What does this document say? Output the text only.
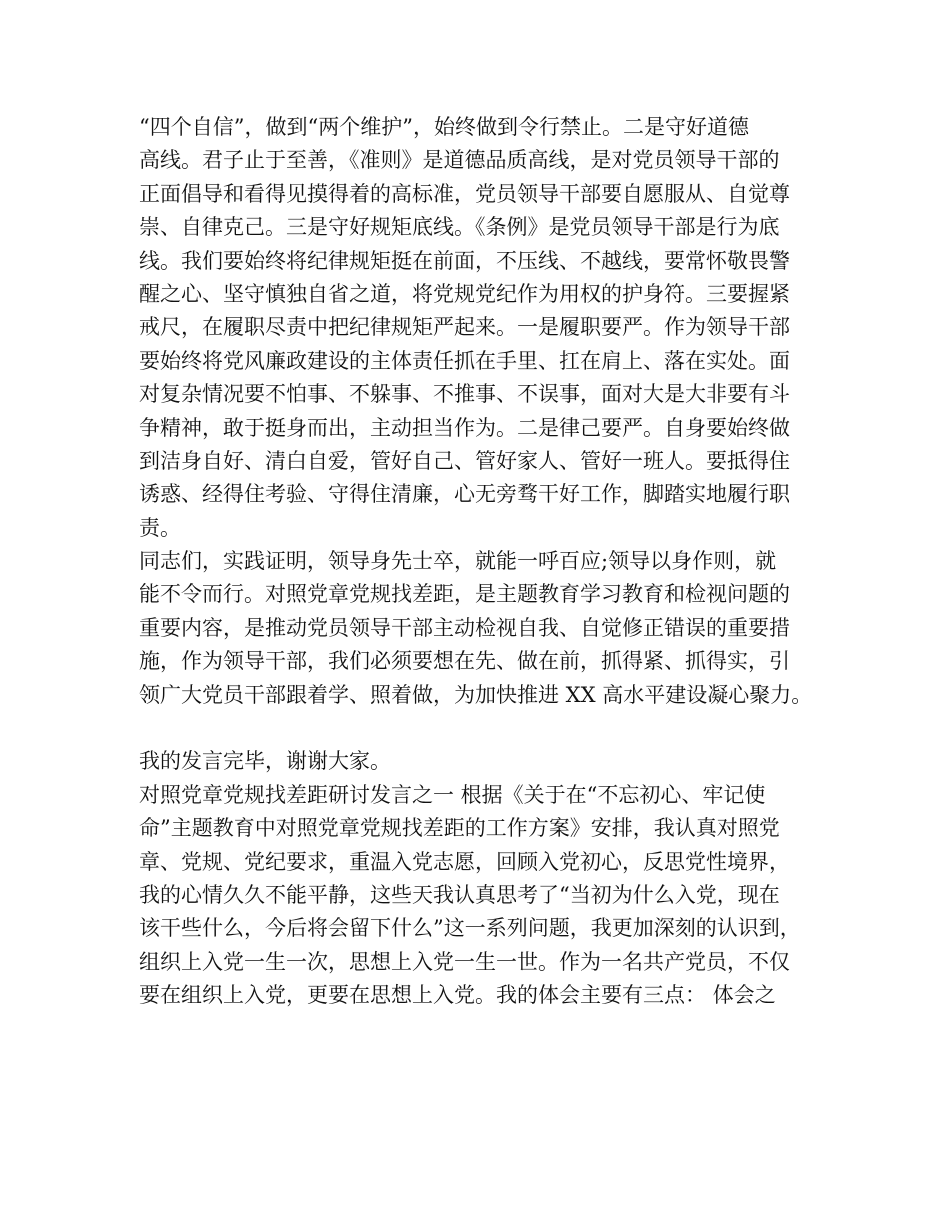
“四个自信”，做到“两个维护”，始终做到令行禁止。二是守好道德
高线。君子止于至善，《准则》是道德品质高线，是对党员领导干部的
正面倡导和看得见摸得着的高标准，党员领导干部要自愿服从、自觉尊
崇、自律克己。三是守好规矩底线。《条例》是党员领导干部是行为底
线。我们要始终将纪律规矩挺在前面，不压线、不越线，要常怀敬畏警
醒之心、坚守慎独自省之道，将党规党纪作为用权的护身符。三要握紧
戒尺，在履职尽责中把纪律规矩严起来。一是履职要严。作为领导干部
要始终将党风廉政建设的主体责任抓在手里、扛在肩上、落在实处。面
对复杂情况要不怕事、不躲事、不推事、不误事，面对大是大非要有斗
争精神，敢于挺身而出，主动担当作为。二是律己要严。自身要始终做
到洁身自好、清白自爱，管好自己、管好家人、管好一班人。要抵得住
诱惑、经得住考验、守得住清廉，心无旁骛干好工作，脚踏实地履行职
责。
同志们，实践证明，领导身先士卒，就能一呼百应;领导以身作则，就
能不令而行。对照党章党规找差距，是主题教育学习教育和检视问题的
重要内容，是推动党员领导干部主动检视自我、自觉修正错误的重要措
施，作为领导干部，我们必须要想在先、做在前，抓得紧、抓得实，引
领广大党员干部跟着学、照着做，为加快推进 XX 高水平建设凝心聚力。
我的发言完毕，谢谢大家。
对照党章党规找差距研讨发言之一 根据《关于在“不忘初心、牢记使
命”主题教育中对照党章党规找差距的工作方案》安排，我认真对照党
章、党规、党纪要求，重温入党志愿，回顾入党初心，反思党性境界，
我的心情久久不能平静，这些天我认真思考了“当初为什么入党，现在
该干些什么，今后将会留下什么”这一系列问题，我更加深刻的认识到，
组织上入党一生一次，思想上入党一生一世。作为一名共产党员，不仅
要在组织上入党，更要在思想上入党。我的体会主要有三点： 体会之
